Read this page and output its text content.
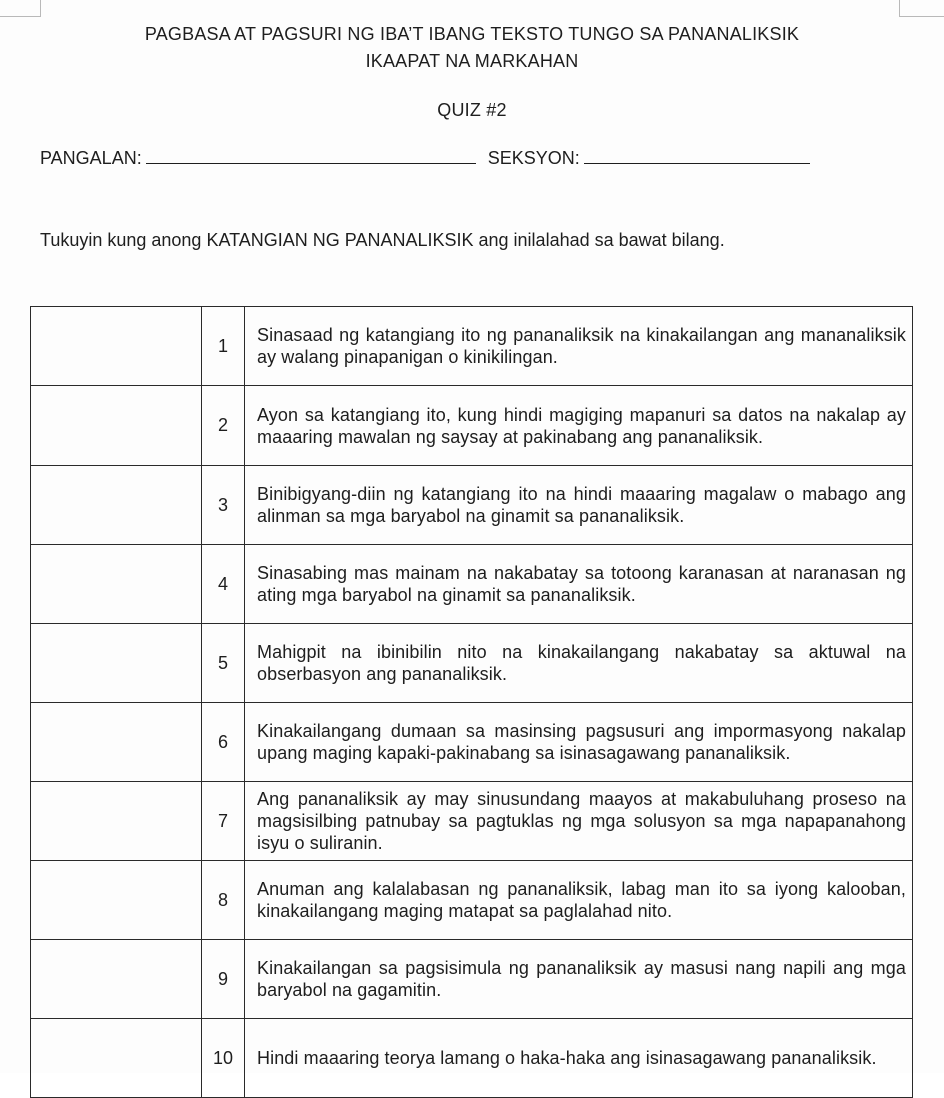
PAGBASA AT PAGSURI NG IBA’T IBANG TEKSTO TUNGO SA PANANALIKSIK
IKAAPAT NA MARKAHAN
QUIZ #2
PANGALAN:	SEKSYON:
Tukuyin kung anong KATANGIAN NG PANANALIKSIK ang inilalahad sa bawat bilang.
	1	Sinasaad ng katangiang ito ng pananaliksik na kinakailangan ang mananaliksik ay walang pinapanigan o kinikilingan.
	2	Ayon sa katangiang ito, kung hindi magiging mapanuri sa datos na nakalap ay maaaring mawalan ng saysay at pakinabang ang pananaliksik.
	3	Binibigyang-diin ng katangiang ito na hindi maaaring magalaw o mabago ang alinman sa mga baryabol na ginamit sa pananaliksik.
	4	Sinasabing mas mainam na nakabatay sa totoong karanasan at naranasan ng ating mga baryabol na ginamit sa pananaliksik.
	5	Mahigpit na ibinibilin nito na kinakailangang nakabatay sa aktuwal na obserbasyon ang pananaliksik.
	6	Kinakailangang dumaan sa masinsing pagsusuri ang impormasyong nakalap upang maging kapaki-pakinabang sa isinasagawang pananaliksik.
	7	Ang pananaliksik ay may sinusundang maayos at makabuluhang proseso na magsisilbing patnubay sa pagtuklas ng mga solusyon sa mga napapanahong isyu o suliranin.
	8	Anuman ang kalalabasan ng pananaliksik, labag man ito sa iyong kalooban, kinakailangang maging matapat sa paglalahad nito.
	9	Kinakailangan sa pagsisimula ng pananaliksik ay masusi nang napili ang mga baryabol na gagamitin.
	10	Hindi maaaring teorya lamang o haka-haka ang isinasagawang pananaliksik.
